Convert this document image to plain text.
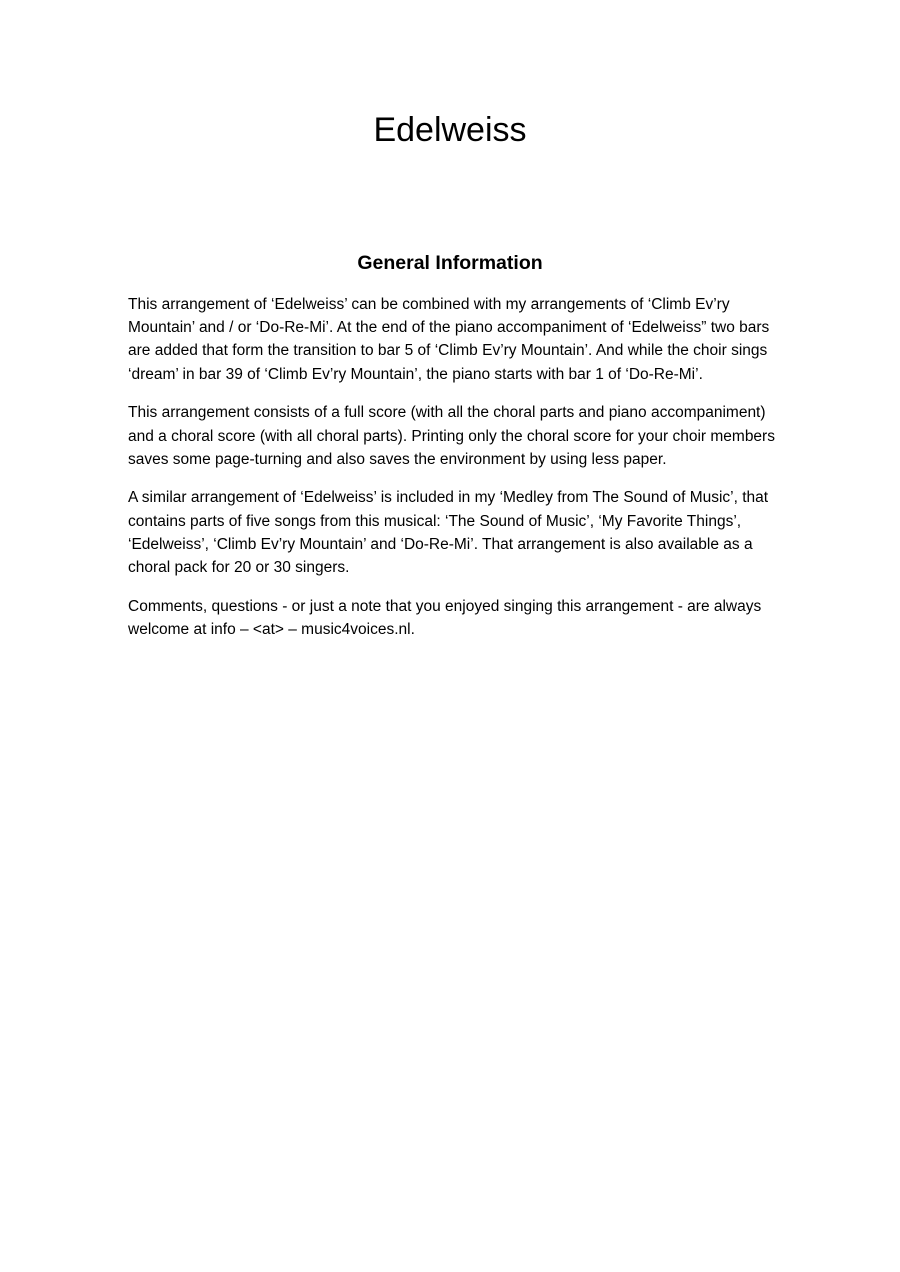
Edelweiss
General Information

This arrangement of ‘Edelweiss’ can be combined with my arrangements of ‘Climb Ev’ry Mountain’ and / or ‘Do-Re-Mi’. At the end of the piano accompaniment of ‘Edelweiss” two bars are added that form the transition to bar 5 of ‘Climb Ev’ry Mountain’. And while the choir sings ‘dream’ in bar 39 of ‘Climb Ev’ry Mountain’, the piano starts with bar 1 of ‘Do-Re-Mi’.

This arrangement consists of a full score (with all the choral parts and piano accompaniment) and a choral score (with all choral parts). Printing only the choral score for your choir members saves some page-turning and also saves the environment by using less paper.

A similar arrangement of ‘Edelweiss’ is included in my ‘Medley from The Sound of Music’, that contains parts of five songs from this musical: ‘The Sound of Music’, ‘My Favorite Things’, ‘Edelweiss’, ‘Climb Ev’ry Mountain’ and ‘Do-Re-Mi’. That arrangement is also available as a choral pack for 20 or 30 singers.

Comments, questions - or just a note that you enjoyed singing this arrangement - are always welcome at info – <at> – music4voices.nl.
